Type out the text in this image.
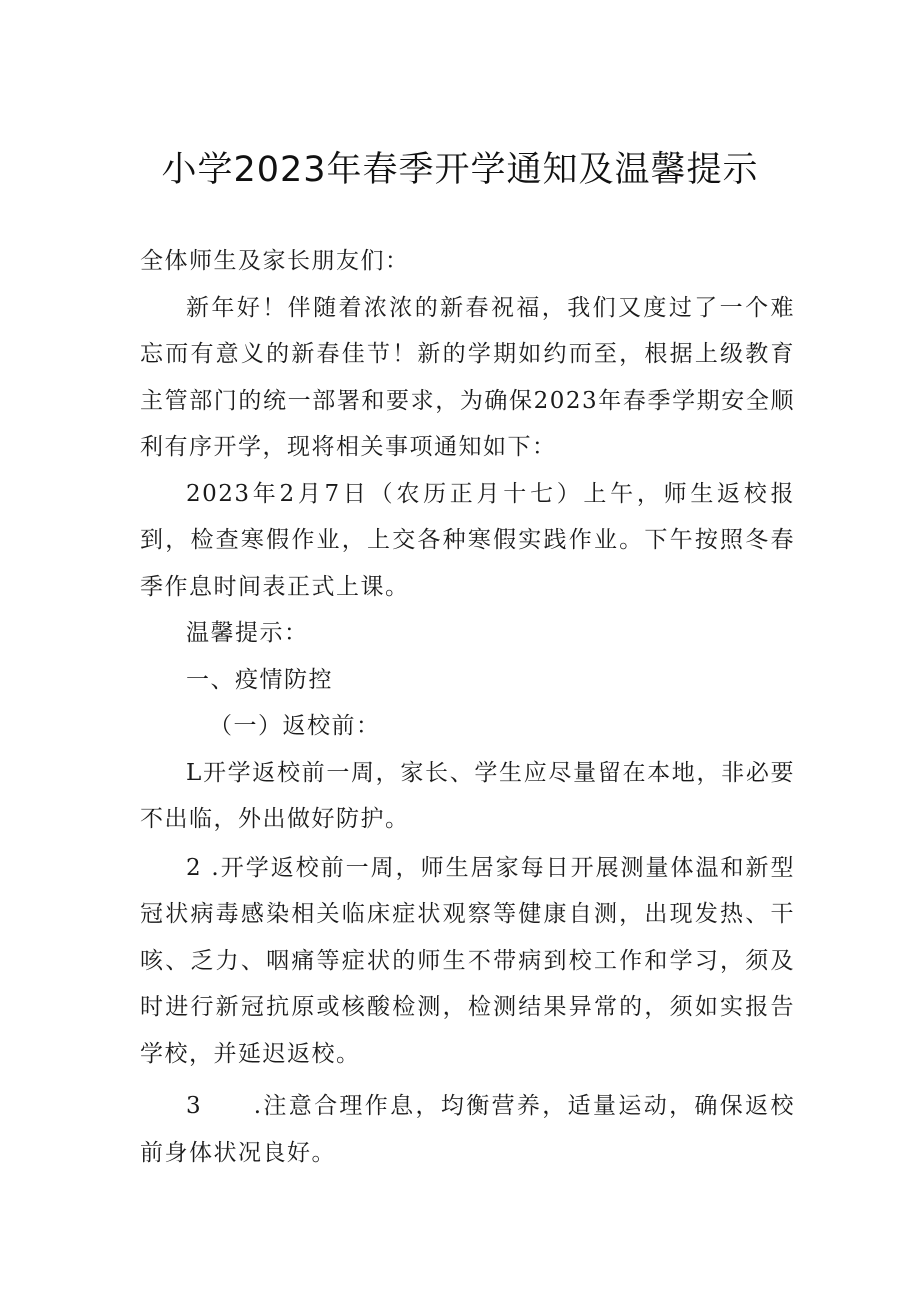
小学2023年春季开学通知及温馨提示

全体师生及家长朋友们：

新年好！伴随着浓浓的新春祝福，我们又度过了一个难忘而有意义的新春佳节！新的学期如约而至，根据上级教育主管部门的统一部署和要求，为确保2023年春季学期安全顺利有序开学，现将相关事项通知如下：

2023年2月7日（农历正月十七）上午，师生返校报到，检查寒假作业，上交各种寒假实践作业。下午按照冬春季作息时间表正式上课。

温馨提示：

一、疫情防控

（一）返校前：

L开学返校前一周，家长、学生应尽量留在本地，非必要不出临，外出做好防护。

2 .开学返校前一周，师生居家每日开展测量体温和新型冠状病毒感染相关临床症状观察等健康自测，出现发热、干咳、乏力、咽痛等症状的师生不带病到校工作和学习，须及时进行新冠抗原或核酸检测，检测结果异常的，须如实报告学校，并延迟返校。

3　　.注意合理作息，均衡营养，适量运动，确保返校前身体状况良好。
